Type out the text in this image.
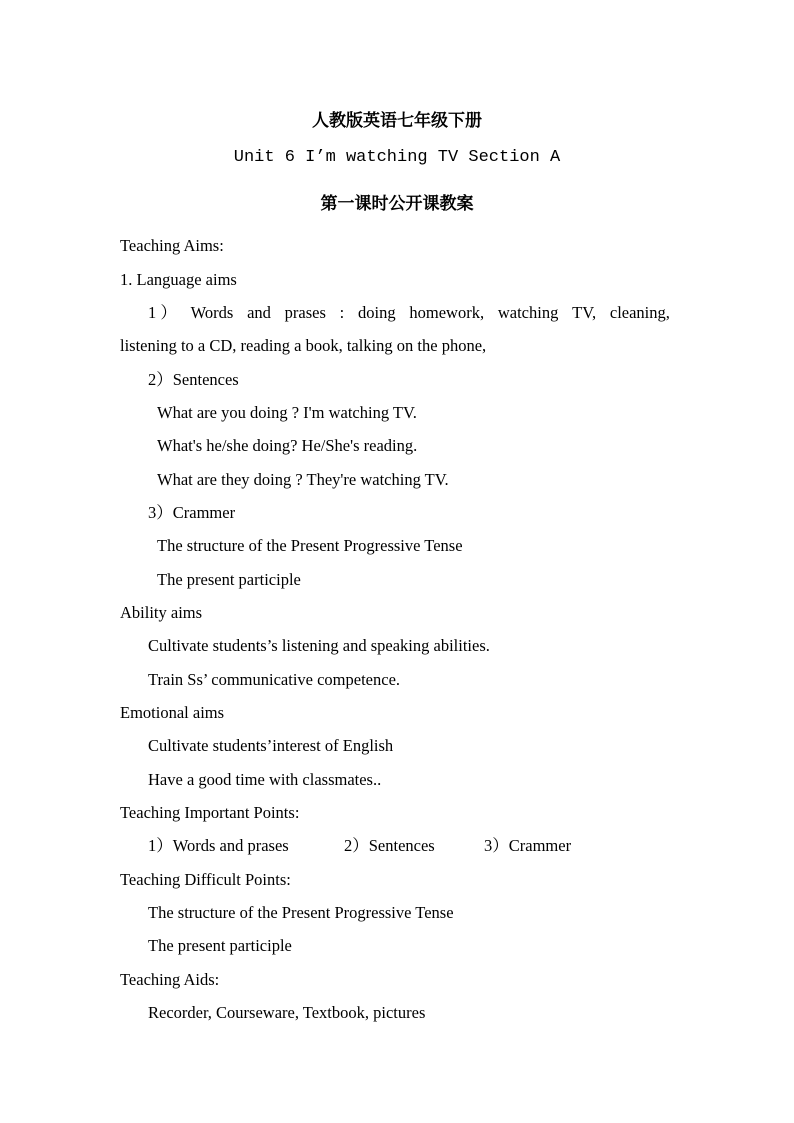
人教版英语七年级下册
Unit 6 I’m watching TV Section A
第一课时公开课教案
Teaching Aims:
1. Language aims
1 ） Words and prases : doing homework, watching TV, cleaning,
listening to a CD, reading a book, talking on the phone,
2）Sentences
What are you doing ? I'm watching TV.
What's he/she doing? He/She's reading.
What are they doing ? They're watching TV.
3）Crammer
The structure of the Present Progressive Tense
The present participle
Ability aims
Cultivate students’s listening and speaking abilities.
Train Ss’ communicative competence.
Emotional aims
Cultivate students’interest of English
Have a good time with classmates..
Teaching Important Points:
1）Words and prases	2）Sentences	3）Crammer
Teaching Difficult Points:
The structure of the Present Progressive Tense
The present participle
Teaching Aids:
Recorder, Courseware, Textbook, pictures
